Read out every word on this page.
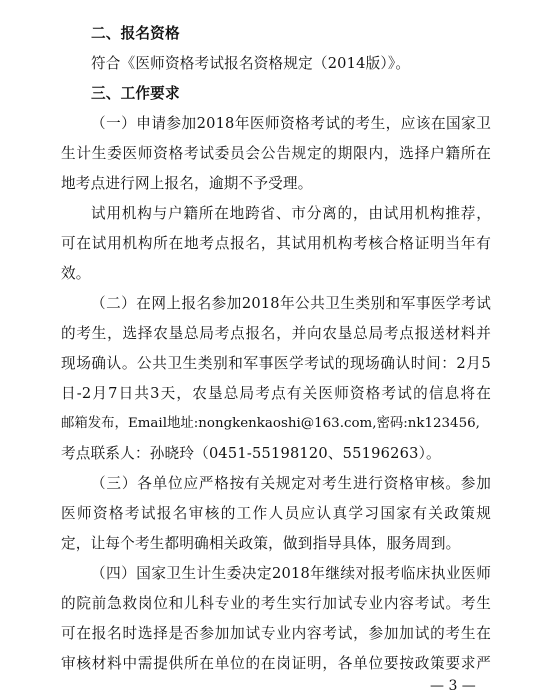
二、报名资格
符合《医师资格考试报名资格规定（2014版）》。
三、工作要求
（一）申请参加2018年医师资格考试的考生，应该在国家卫
生计生委医师资格考试委员会公告规定的期限内，选择户籍所在
地考点进行网上报名，逾期不予受理。
试用机构与户籍所在地跨省、市分离的，由试用机构推荐，
可在试用机构所在地考点报名，其试用机构考核合格证明当年有
效。
（二）在网上报名参加2018年公共卫生类别和军事医学考试
的考生，选择农垦总局考点报名，并向农垦总局考点报送材料并
现场确认。公共卫生类别和军事医学考试的现场确认时间：2月5
日-2月7日共3天，农垦总局考点有关医师资格考试的信息将在
邮箱发布，Email地址:nongkenkaoshi@163.com,密码:nk123456,
考点联系人：孙晓玲（0451-55198120、55196263）。
（三）各单位应严格按有关规定对考生进行资格审核。参加
医师资格考试报名审核的工作人员应认真学习国家有关政策规
定，让每个考生都明确相关政策，做到指导具体，服务周到。
（四）国家卫生计生委决定2018年继续对报考临床执业医师
的院前急救岗位和儿科专业的考生实行加试专业内容考试。考生
可在报名时选择是否参加加试专业内容考试，参加加试的考生在
审核材料中需提供所在单位的在岗证明，各单位要按政策要求严
— 3 —
